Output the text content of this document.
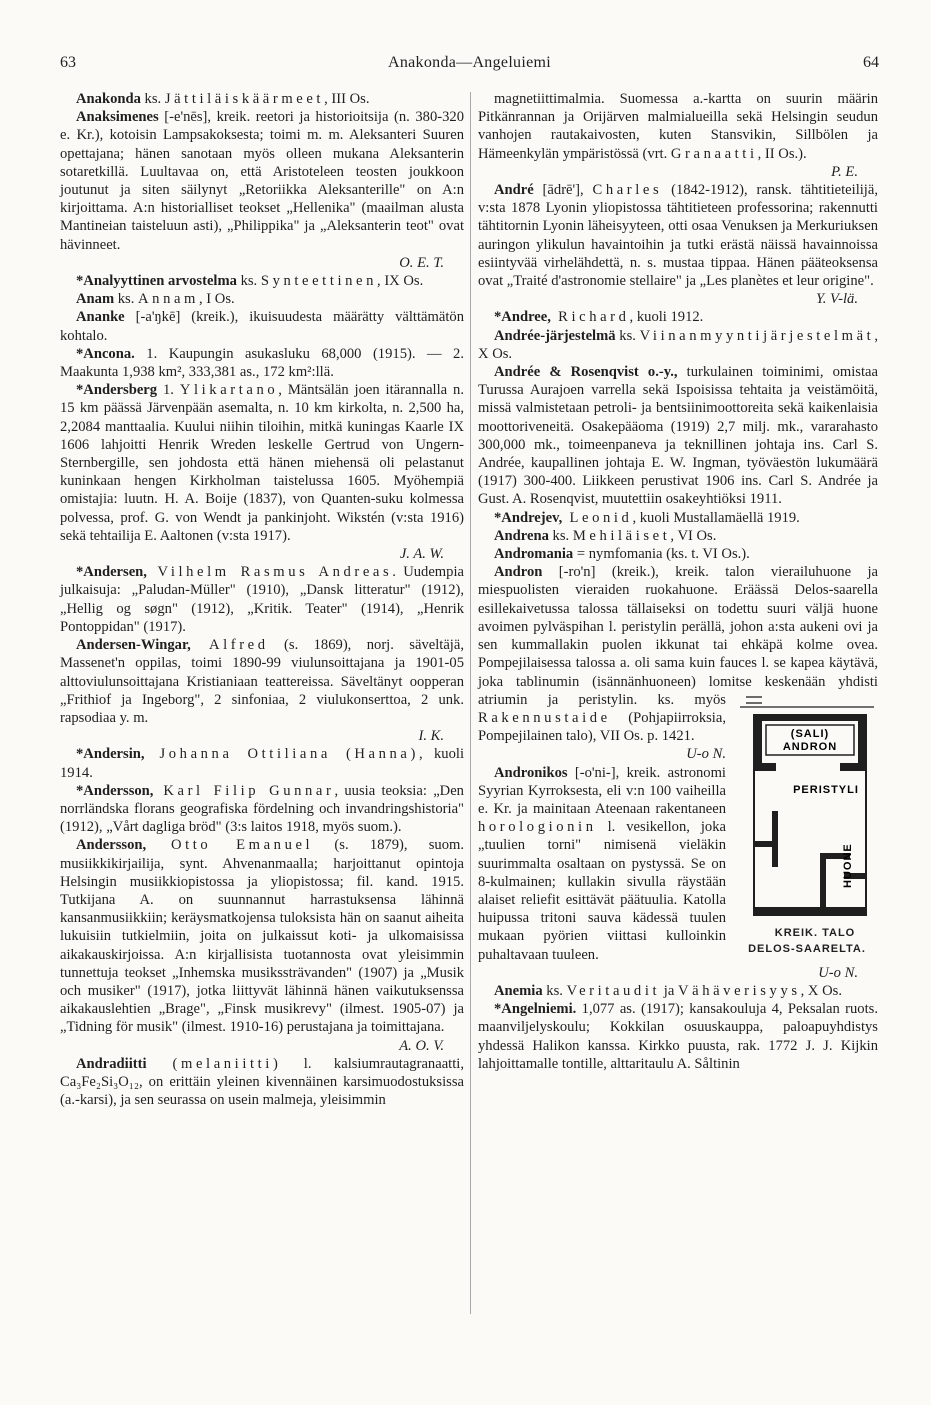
63	Anakonda—Angeluiemi	64

Anakonda ks. Jättiläiskäärmeet, III Os.

Anaksimenes [-e'nēs], kreik. reetori ja historioitsija (n. 380-320 e. Kr.), kotoisin Lampsakoksesta; toimi m. m. Aleksanteri Suuren opettajana; hänen sanotaan myös olleen mukana Aleksanterin sotaretkillä. Luultavaa on, että Aristoteleen teosten joukkoon joutunut ja siten säilynyt „Retoriikka Aleksanterille" on A:n kirjoittama. A:n historialliset teokset „Hellenika" (maailman alusta Mantineian taisteluun asti), „Philippika" ja „Aleksanterin teot" ovat hävinneet.
O. E. T.

*Analyyttinen arvostelma ks. Synteettinen, IX Os.

Anam ks. Annam, I Os.

Ananke [-a'ŋkē] (kreik.), ikuisuudesta määrätty välttämätön kohtalo.

*Ancona. 1. Kaupungin asukasluku 68,000 (1915). — 2. Maakunta 1,938 km², 333,381 as., 172 km²:llä.

*Andersberg 1. Ylikartano, Mäntsälän joen itärannalla n. 15 km päässä Järvenpään asemalta, n. 10 km kirkolta, n. 2,500 ha, 2,2084 manttaalia. Kuului niihin tiloihin, mitkä kuningas Kaarle IX 1606 lahjoitti Henrik Wreden leskelle Gertrud von Ungern-Sternbergille, sen johdosta että hänen miehensä oli pelastanut kuninkaan hengen Kirkholman taistelussa 1605. Myöhempiä omistajia: luutn. H. A. Boije (1837), von Quanten-suku kolmessa polvessa, prof. G. von Wendt ja pankinjoht. Wikstén (v:sta 1916) sekä tehtailija E. Aaltonen (v:sta 1917).
J. A. W.

*Andersen, Vilhelm Rasmus Andreas. Uudempia julkaisuja: „Paludan-Müller" (1910), „Dansk litteratur" (1912), „Hellig og søgn" (1912), „Kritik. Teater" (1914), „Henrik Pontoppidan" (1917).

Andersen-Wingar, Alfred (s. 1869), norj. säveltäjä, Massenet'n oppilas, toimi 1890-99 viulunsoittajana ja 1901-05 alttoviulunsoittajana Kristianiaan teattereissa. Säveltänyt oopperan „Frithiof ja Ingeborg", 2 sinfoniaa, 2 viulukonserttoa, 2 unk. rapsodiaa y. m.
I. K.

*Andersin, Johanna Ottiliana (Hanna), kuoli 1914.

*Andersson, Karl Filip Gunnar, uusia teoksia: „Den norrländska florans geografiska fördelning och invandringshistoria" (1912), „Vårt dagliga bröd" (3:s laitos 1918, myös suom.).

Andersson, Otto Emanuel (s. 1879), suom. musiikkikirjailija, synt. Ahvenanmaalla; harjoittanut opintoja Helsingin musiikkiopistossa ja yliopistossa; fil. kand. 1915. Tutkijana A. on suunnannut harrastuksensa lähinnä kansanmusiikkiin; keräysmatkojensa tuloksista hän on saanut aiheita lukuisiin tutkielmiin, joita on julkaissut koti- ja ulkomaisissa aikakauskirjoissa. A:n kirjallisista tuotannosta ovat yleisimmin tunnettuja teokset „Inhemska musikssträvanden" (1907) ja „Musik och musiker" (1917), jotka liittyvät lähinnä hänen vaikutuksenssa aikakauslehtien „Brage", „Finsk musikrevy" (ilmest. 1905-07) ja „Tidning för musik" (ilmest. 1910-16) perustajana ja toimittajana.
A. O. V.

Andradiitti (melaniitti) l. kalsiumrautagranaatti, Ca₃Fe₂Si₃O₁₂, on erittäin yleinen kivennäinen karsimuodostuksissa (a.-karsi), ja sen seurassa on usein malmeja, yleisimmin

magnetiittimalmia. Suomessa a.-kartta on suurin määrin Pitkänrannan ja Orijärven malmialueilla sekä Helsingin seudun vanhojen rautakaivosten, kuten Stansvikin, Sillbölen ja Hämeenkylän ympäristössä (vrt. Granaatti, II Os.).
P. E.

André [ādrē'], Charles (1842-1912), ransk. tähtitieteilijä, v:sta 1878 Lyonin yliopistossa tähtitieteen professorina; rakennutti tähtitornin Lyonin läheisyyteen, otti osaa Venuksen ja Merkuriuksen auringon ylikulun havaintoihin ja tutki erästä näissä havainnoissa esiintyvää virhelähdettä, n. s. mustaa tippaa. Hänen pääteoksensa ovat „Traité d'astronomie stellaire" ja „Les planètes et leur origine".
Y. V-lä.

*Andree, Richard, kuoli 1912.

Andrée-järjestelmä ks. Viinanmyyntijärjestelmät, X Os.

Andrée & Rosenqvist o.-y., turkulainen toiminimi, omistaa Turussa Aurajoen varrella sekä Ispoisissa tehtaita ja veistämöitä, missä valmistetaan petroli- ja bentsiinimoottoreita sekä kaikenlaisia moottoriveneitä. Osakepääoma (1919) 2,7 milj. mk., vararahasto 300,000 mk., toimeenpaneva ja teknillinen johtaja ins. Carl S. Andrée, kaupallinen johtaja E. W. Ingman, työväestön lukumäärä (1917) 300-400. Liikkeen perustivat 1906 ins. Carl S. Andrée ja Gust. A. Rosenqvist, muutettiin osakeyhtiöksi 1911.

*Andrejev, Leonid, kuoli Mustallamäellä 1919.

Andrena ks. Mehiläiset, VI Os.

Andromania = nymfomania (ks. t. VI Os.).

Andron [-ro'n] (kreik.), kreik. talon vierailuhuone ja miespuolisten vieraiden ruokahuone. Eräässä Delos-saarella esillekaivetussa talossa tällaiseksi on todettu suuri väljä huone avoimen pylväspihan l. peristylin perällä, johon a:sta aukeni ovi ja sen kummallakin puolen ikkunat tai ehkäpä kolme ovea. Pompejilaisessa talossa a. oli sama kuin fauces l. se kapea käytävä, joka tablinumin (isännänhuoneen) lomitse keskenään yhdisti atriumin ja peristylin. ks. myös
(SALI)
ANDRON
PERISTYLI
HUONE
KREIK. TALO DELOS-SAARELTA.
Rakennustaide (Pohjapiirroksia, Pompejilainen talo), VII Os. p. 1421.
U-o N.

Andronikos [-o'ni-], kreik. astronomi Syyrian Kyrroksesta, eli v:n 100 vaiheilla e. Kr. ja mainitaan Ateenaan rakentaneen horologionin l. vesikellon, joka „tuulien torni" nimisenä vieläkin suurimmalta osaltaan on pystyssä. Se on 8-kulmainen; kullakin sivulla räystään alaiset reliefit esittävät päätuulia. Katolla huipussa tritoni sauva kädessä tuulen mukaan pyörien viittasi kulloinkin puhaltavaan tuuleen.
U-o N.

Anemia ks. Veritaudit ja Vähäverisyys, X Os.

*Angelniemi. 1,077 as. (1917); kansakouluja 4, Peksalan ruots. maanviljelyskoulu; Kokkilan osuuskauppa, paloapuyhdistys yhdessä Halikon kanssa. Kirkko puusta, rak. 1772 J. J. Kijkin lahjoittamalle tontille, alttaritaulu A. Såltinin
